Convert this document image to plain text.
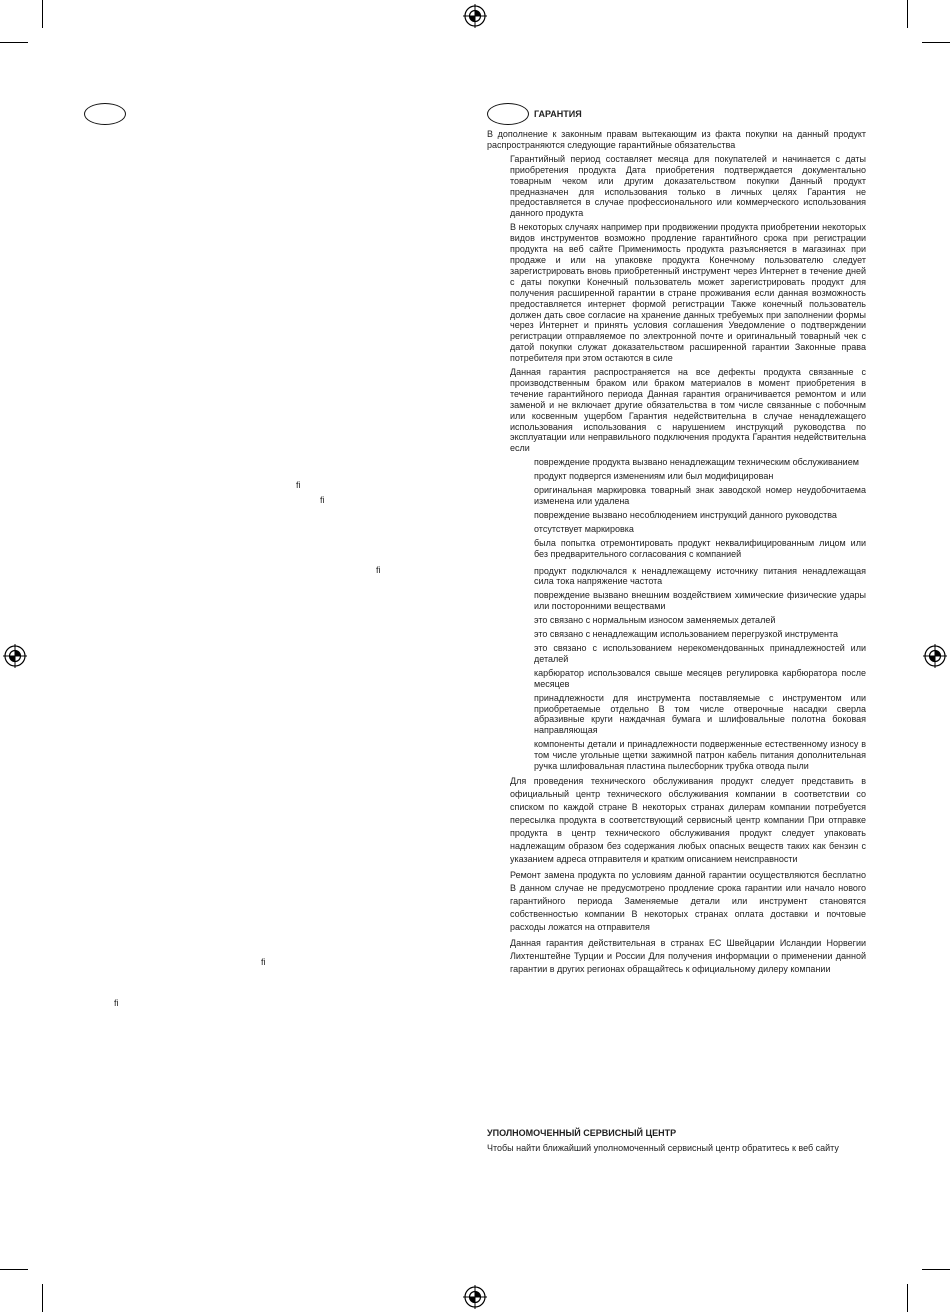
fi
fi
fi
fi
fi
ГАРАНТИЯ

В дополнение к законным правам вытекающим из факта покупки на данный продукт распространяются следующие гарантийные обязательства

Гарантийный период составляет месяца для покупателей и начинается с даты приобретения продукта Дата приобретения подтверждается документально товарным чеком или другим доказательством покупки Данный продукт предназначен для использования только в личных целях Гарантия не предоставляется в случае профессионального или коммерческого использования данного продукта

В некоторых случаях например при продвижении продукта приобретении некоторых видов инструментов возможно продление гарантийного срока при регистрации продукта на веб сайте Применимость продукта разъясняется в магазинах при продаже и или на упаковке продукта Конечному пользователю следует зарегистрировать вновь приобретенный инструмент через Интернет в течение дней с даты покупки Конечный пользователь может зарегистрировать продукт для получения расширенной гарантии в стране проживания если данная возможность предоставляется интернет формой регистрации Также конечный пользователь должен дать свое согласие на хранение данных требуемых при заполнении формы через Интернет и принять условия соглашения Уведомление о подтверждении регистрации отправляемое по электронной почте и оригинальный товарный чек с датой покупки служат доказательством расширенной гарантии Законные права потребителя при этом остаются в силе

Данная гарантия распространяется на все дефекты продукта связанные с производственным браком или браком материалов в момент приобретения в течение гарантийного периода Данная гарантия ограничивается ремонтом и или заменой и не включает другие обязательства в том числе связанные с побочным или косвенным ущербом Гарантия недействительна в случае ненадлежащего использования использования с нарушением инструкций руководства по эксплуатации или неправильного подключения продукта Гарантия недействительна если

повреждение продукта вызвано ненадлежащим техническим обслуживанием

продукт подвергся изменениям или был модифицирован

оригинальная маркировка товарный знак заводской номер неудобочитаема изменена или удалена

повреждение вызвано несоблюдением инструкций данного руководства

отсутствует маркировка

была попытка отремонтировать продукт неквалифицированным лицом или без предварительного согласования с компанией

продукт подключался к ненадлежащему источнику питания ненадлежащая сила тока напряжение частота

повреждение вызвано внешним воздействием химические физические удары или посторонними веществами

это связано с нормальным износом заменяемых деталей

это связано с ненадлежащим использованием перегрузкой инструмента

это связано с использованием нерекомендованных принадлежностей или деталей

карбюратор использовался свыше месяцев регулировка карбюратора после месяцев

принадлежности для инструмента поставляемые с инструментом или приобретаемые отдельно В том числе отверочные насадки сверла абразивные круги наждачная бумага и шлифовальные полотна боковая направляющая

компоненты детали и принадлежности подверженные естественному износу в том числе угольные щетки зажимной патрон кабель питания дополнительная ручка шлифовальная пластина пылесборник трубка отвода пыли

Для проведения технического обслуживания продукт следует представить в официальный центр технического обслуживания компании в соответствии со списком по каждой стране В некоторых странах дилерам компании потребуется пересылка продукта в соответствующий сервисный центр компании При отправке продукта в центр технического обслуживания продукт следует упаковать надлежащим образом без содержания любых опасных веществ таких как бензин с указанием адреса отправителя и кратким описанием неисправности

Ремонт замена продукта по условиям данной гарантии осуществляются бесплатно В данном случае не предусмотрено продление срока гарантии или начало нового гарантийного периода Заменяемые детали или инструмент становятся собственностью компании В некоторых странах оплата доставки и почтовые расходы ложатся на отправителя

Данная гарантия действительная в странах ЕС Швейцарии Исландии Норвегии Лихтенштейне Турции и России Для получения информации о применении данной гарантии в других регионах обращайтесь к официальному дилеру компании

УПОЛНОМОЧЕННЫЙ СЕРВИСНЫЙ ЦЕНТР
Чтобы найти ближайший уполномоченный сервисный центр обратитесь к веб сайту
